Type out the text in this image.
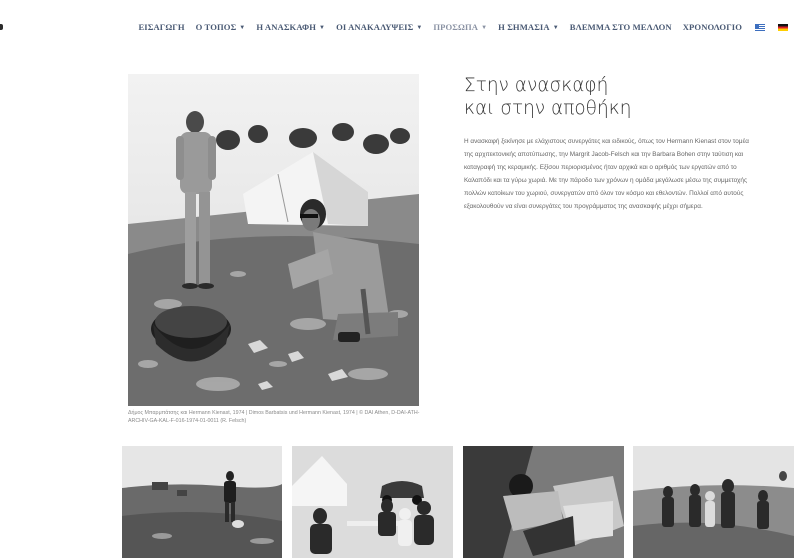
ΕΙΣΑΓΩΓΗ Ο ΤΟΠΟΣ ▼ Η ΑΝΑΣΚΑΦΗ ▼ ΟΙ ΑΝΑΚΑΛΥΨΕΙΣ ▼ ΠΡΟΣΩΠΑ ▼ Η ΣΗΜΑΣΙΑ ▼ ΒΛΕΜΜΑ ΣΤΟ ΜΕΛΛΟΝ ΧΡΟΝΟΛΟΓΙΟ
Δήμος Μπαρμπάτσης και Hermann Kienast, 1974 | Dimos Barbatsis und Hermann Kienast, 1974 | © DAI Athen, D-DAI-ATH-ARCHIV-GA-KAL-F-016-1974-01-0011 (R. Felsch)
Στην ανασκαφή
και στην αποθήκη

Η ανασκαφή ξεκίνησε με ελάχιστους συνεργάτες και ειδικούς, όπως τον Hermann Kienast στον τομέα της αρχιτεκτονικής αποτύπωσης, την Margrit Jacob-Felsch και την Barbara Bohen στην ταύτιση και καταγραφή της κεραμικής. Εξίσου περιορισμένος ήταν αρχικά και ο αριθμός των εργατών από το Καλαπόδι και τα γύρω χωριά. Με την πάροδο των χρόνων η ομάδα μεγάλωσε μέσω της συμμετοχής πολλών κατοίκων του χωριού, συνεργατών από όλον τον κόσμο και εθελοντών. Πολλοί από αυτούς εξακολουθούν να είναι συνεργάτες του προγράμματος της ανασκαφής μέχρι σήμερα.
